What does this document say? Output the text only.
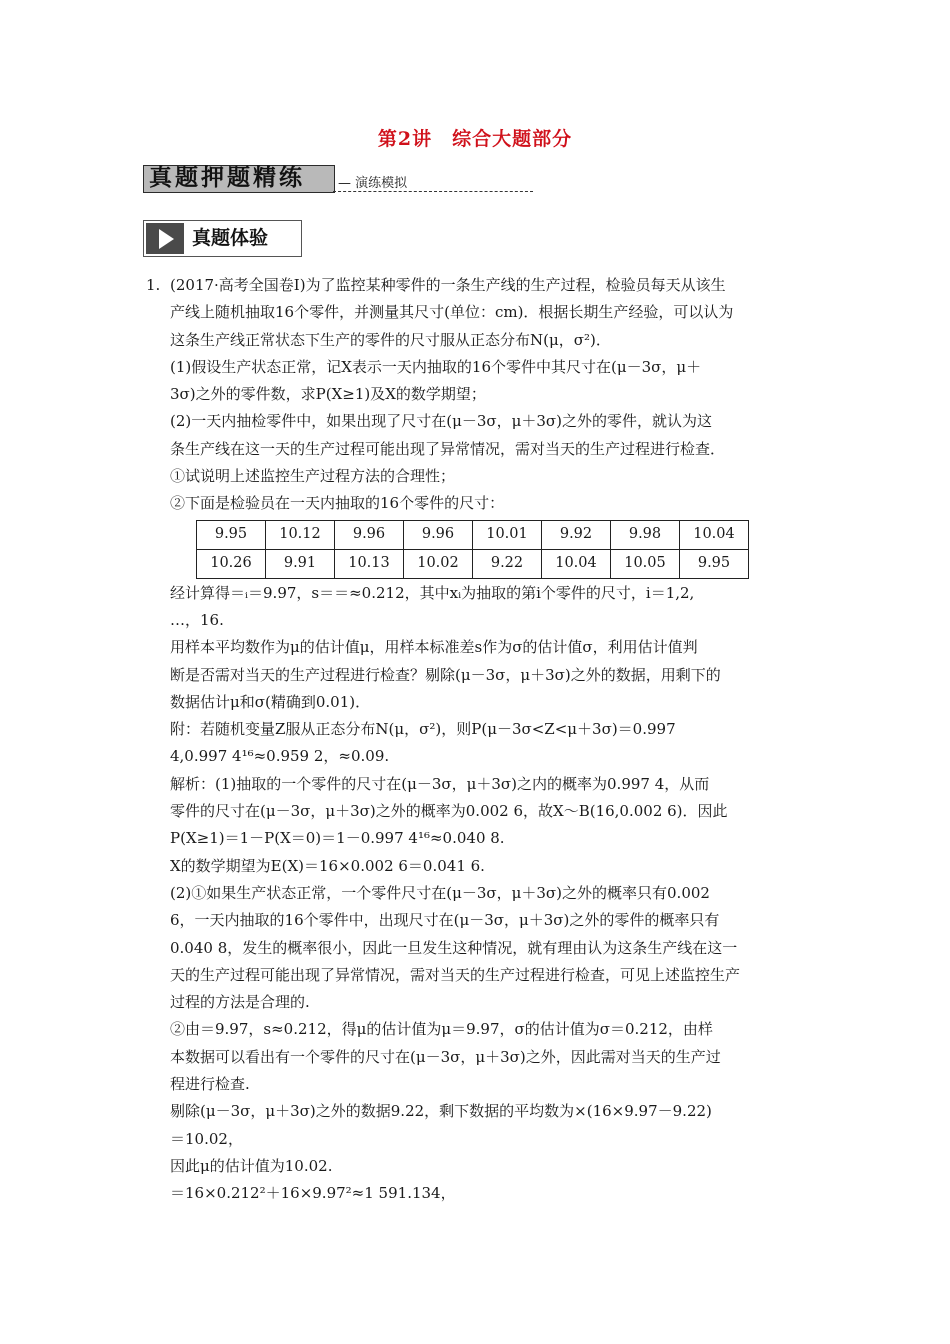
第2讲　综合大题部分
真题押题精练	— 演练模拟
真题体验
1. (2017·高考全国卷Ⅰ)为了监控某种零件的一条生产线的生产过程，检验员每天从该生

产线上随机抽取16个零件，并测量其尺寸(单位：cm)．根据长期生产经验，可以认为

这条生产线正常状态下生产的零件的尺寸服从正态分布N(μ，σ²)．

(1)假设生产状态正常，记X表示一天内抽取的16个零件中其尺寸在(μ－3σ，μ＋

3σ)之外的零件数，求P(X≥1)及X的数学期望；

(2)一天内抽检零件中，如果出现了尺寸在(μ－3σ，μ＋3σ)之外的零件，就认为这

条生产线在这一天的生产过程可能出现了异常情况，需对当天的生产过程进行检查．

①试说明上述监控生产过程方法的合理性；

②下面是检验员在一天内抽取的16个零件的尺寸：

9.95	10.12	9.96	9.96	10.01	9.92	9.98	10.04
10.26	9.91	10.13	10.02	9.22	10.04	10.05	9.95

经计算得＝ᵢ＝9.97，s＝＝≈0.212，其中xᵢ为抽取的第i个零件的尺寸，i＝1,2,

…，16.

用样本平均数作为μ的估计值μ，用样本标准差s作为σ的估计值σ，利用估计值判

断是否需对当天的生产过程进行检查？剔除(μ－3σ，μ＋3σ)之外的数据，用剩下的

数据估计μ和σ(精确到0.01)．

附：若随机变量Z服从正态分布N(μ，σ²)，则P(μ－3σ<Z<μ＋3σ)＝0.997

4,0.997 4¹⁶≈0.959 2，≈0.09.

解析：(1)抽取的一个零件的尺寸在(μ－3σ，μ＋3σ)之内的概率为0.997 4，从而

零件的尺寸在(μ－3σ，μ＋3σ)之外的概率为0.002 6，故X～B(16,0.002 6)．因此

P(X≥1)＝1－P(X＝0)＝1－0.997 4¹⁶≈0.040 8.

X的数学期望为E(X)＝16×0.002 6＝0.041 6.

(2)①如果生产状态正常，一个零件尺寸在(μ－3σ，μ＋3σ)之外的概率只有0.002

6，一天内抽取的16个零件中，出现尺寸在(μ－3σ，μ＋3σ)之外的零件的概率只有

0.040 8，发生的概率很小，因此一旦发生这种情况，就有理由认为这条生产线在这一

天的生产过程可能出现了异常情况，需对当天的生产过程进行检查，可见上述监控生产

过程的方法是合理的.

②由＝9.97，s≈0.212，得μ的估计值为μ＝9.97，σ的估计值为σ＝0.212，由样

本数据可以看出有一个零件的尺寸在(μ－3σ，μ＋3σ)之外，因此需对当天的生产过

程进行检查.

剔除(μ－3σ，μ＋3σ)之外的数据9.22，剩下数据的平均数为×(16×9.97－9.22)

＝10.02，

因此μ的估计值为10.02.

＝16×0.212²＋16×9.97²≈1 591.134，
